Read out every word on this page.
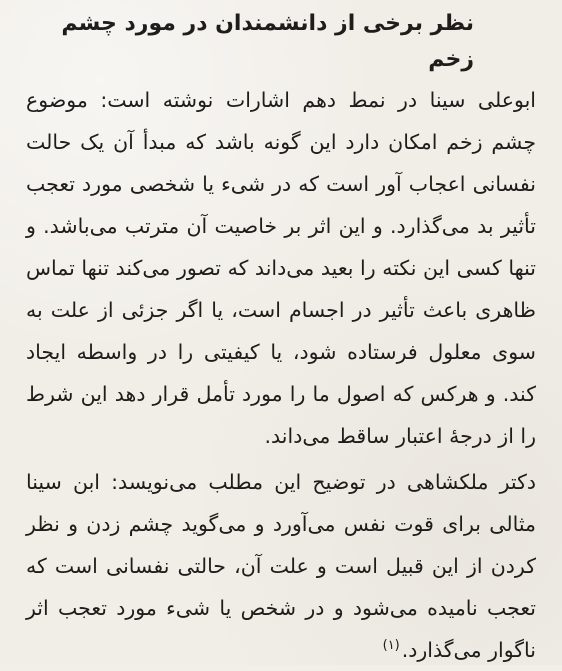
نظر برخی از دانشمندان در مورد چشم زخم

ابوعلی سینا در نمط دهم اشارات نوشته است: موضوع چشم زخم امکان دارد این گونه باشد که مبدأ آن یک حالت نفسانی اعجاب آور است که در شیء یا شخصی مورد تعجب تأثیر بد می‌گذارد. و این اثر بر خاصیت آن مترتب می‌باشد. و تنها کسی این نکته را بعید می‌داند که تصور می‌کند تنها تماس ظاهری باعث تأثیر در اجسام است، یا اگر جزئی از علت به سوی معلول فرستاده شود، یا کیفیتی را در واسطه ایجاد کند. و هرکس که اصول ما را مورد تأمل قرار دهد این شرط را از درجهٔ اعتبار ساقط می‌داند.

دکتر ملکشاهی در توضیح این مطلب می‌نویسد: ابن سینا مثالی برای قوت نفس می‌آورد و می‌گوید چشم زدن و نظر کردن از این قبیل است و علت آن، حالتی نفسانی است که تعجب نامیده می‌شود و در شخص یا شیء مورد تعجب اثر ناگوار می‌گذارد.$^{(۱)}$
